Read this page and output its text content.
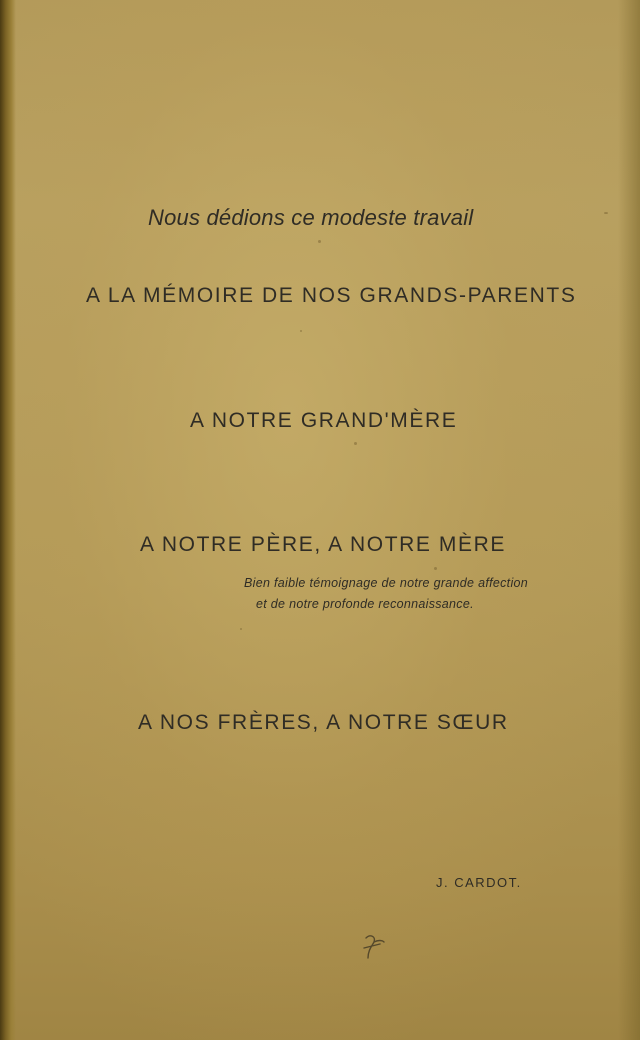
Nous dédions ce modeste travail
A LA MÉMOIRE DE NOS GRANDS-PARENTS
A NOTRE GRAND'MÈRE
A NOTRE PÈRE, A NOTRE MÈRE
Bien faible témoignage de notre grande affection
et de notre profonde reconnaissance.
A NOS FRÈRES, A NOTRE SŒUR
J. CARDOT.
